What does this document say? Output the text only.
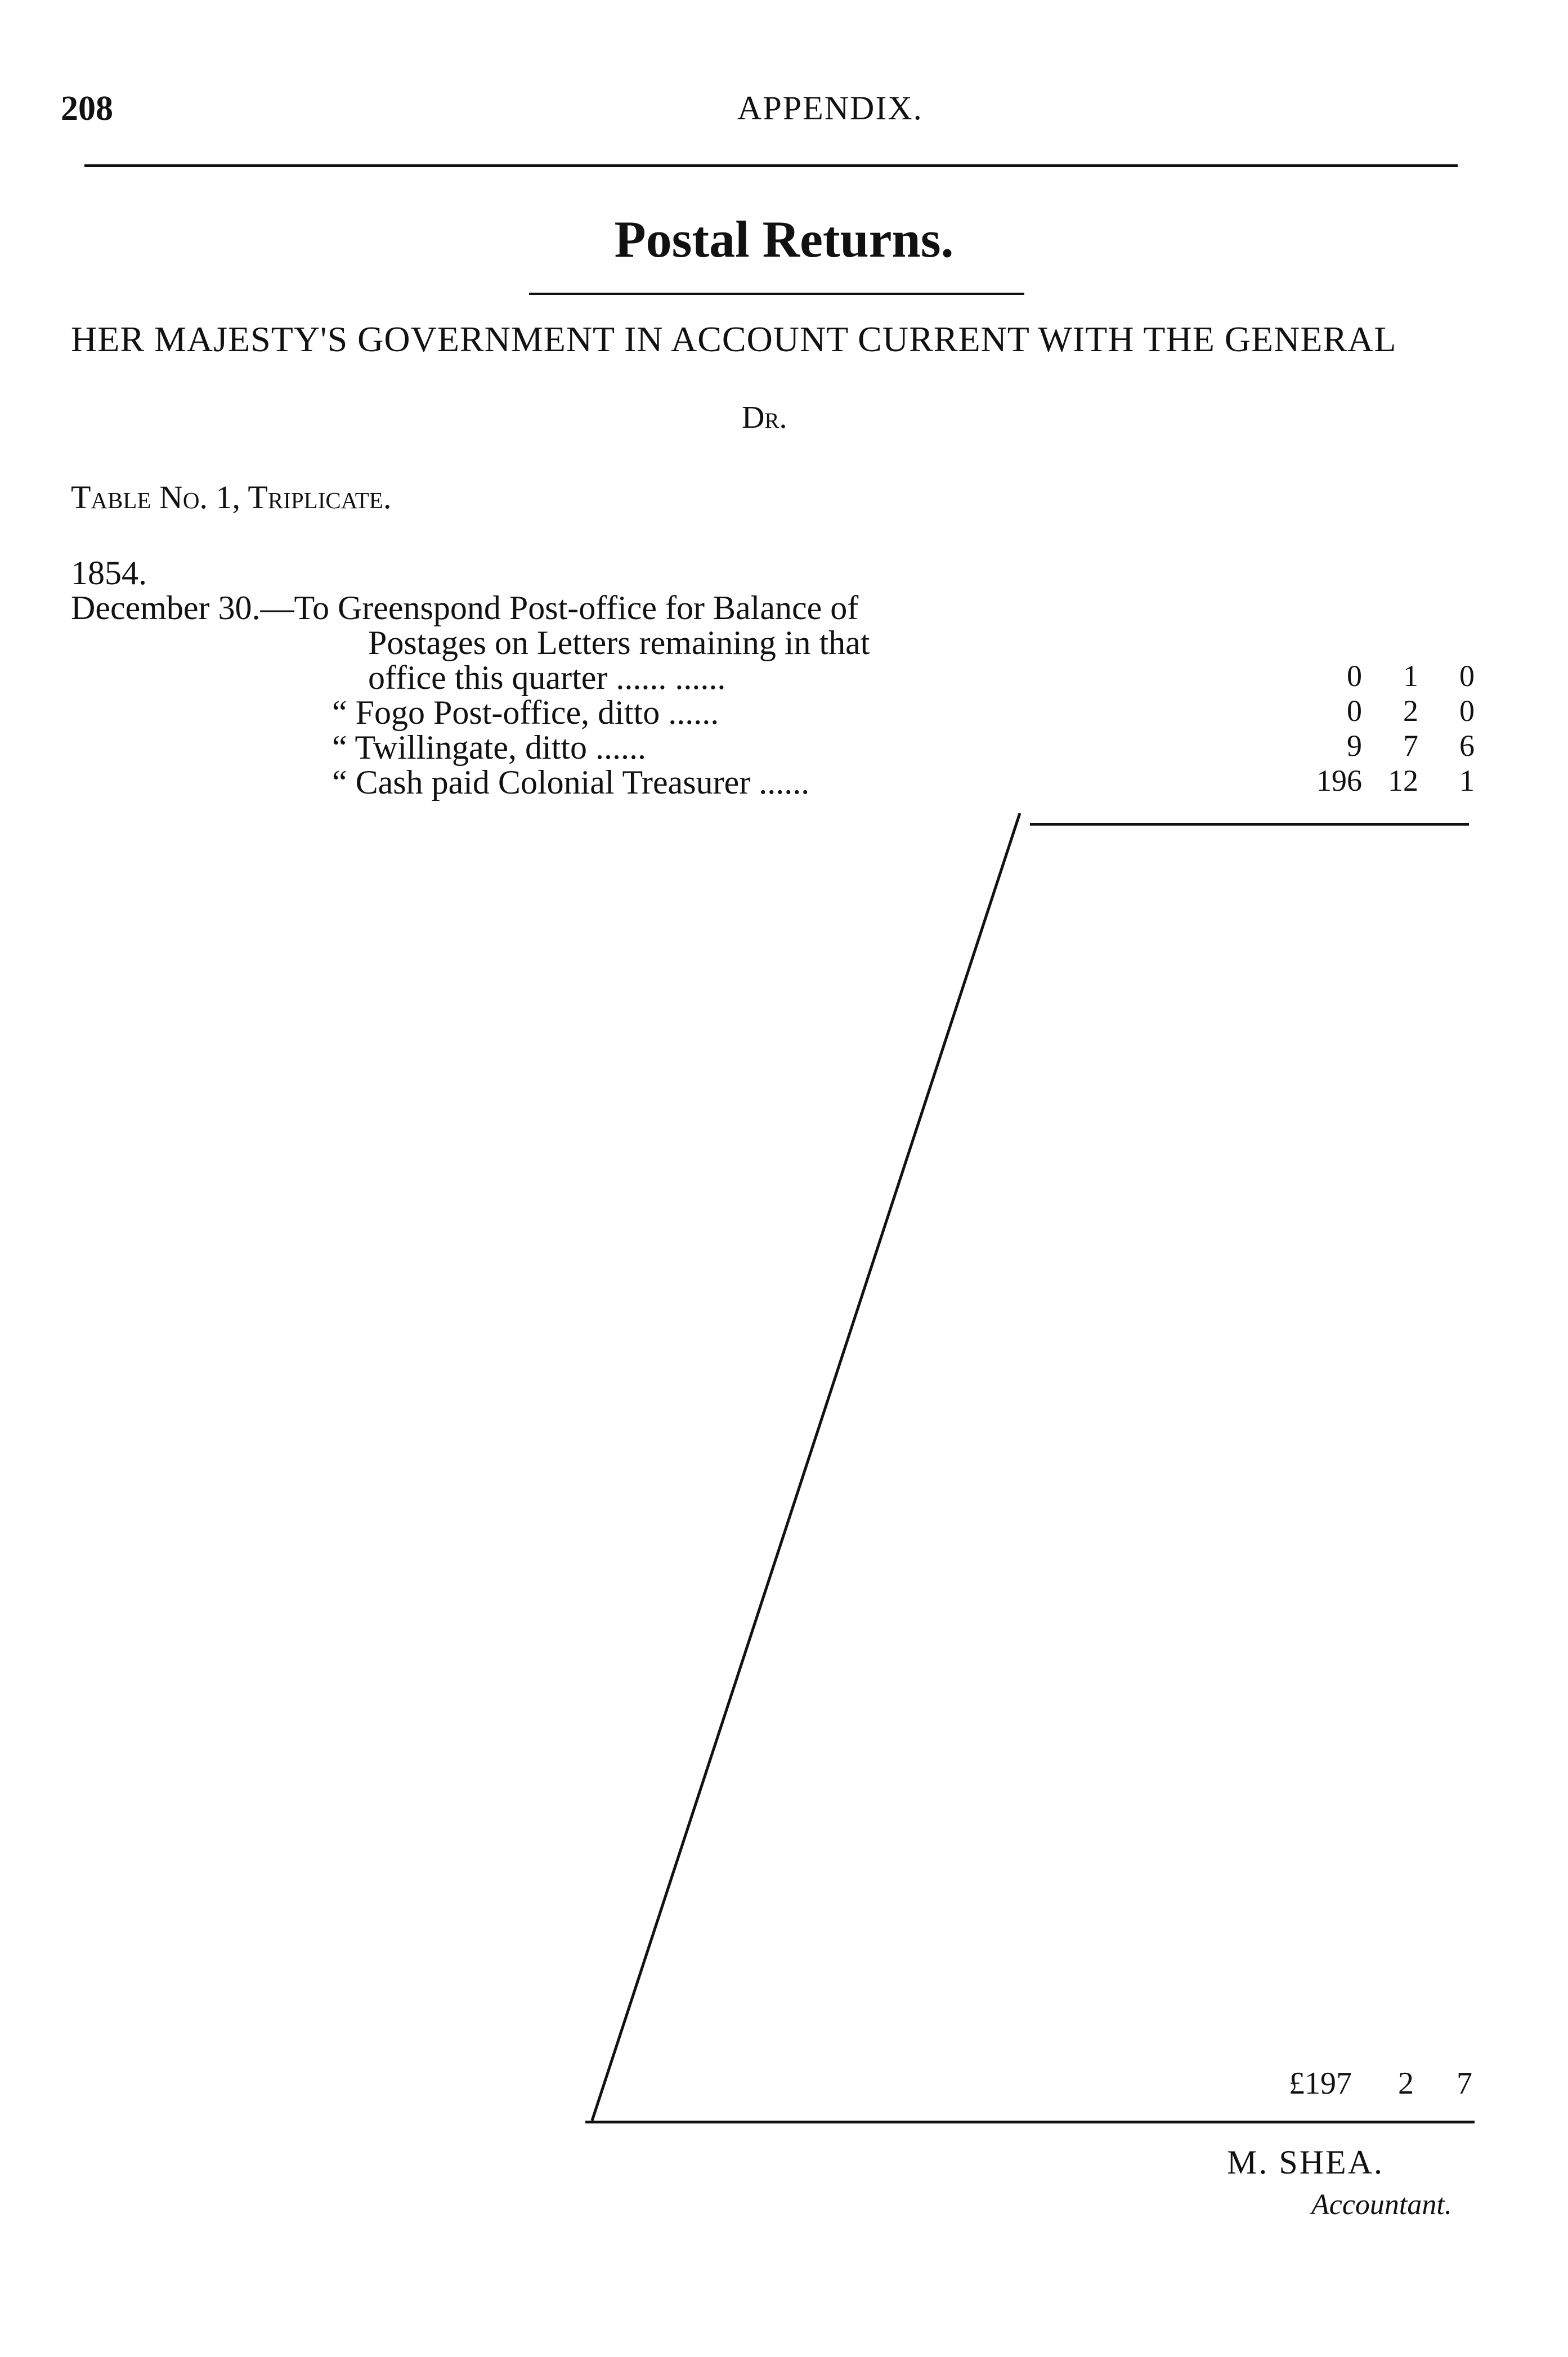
208	APPENDIX.
Postal Returns.
HER MAJESTY'S GOVERNMENT IN ACCOUNT CURRENT WITH THE GENERAL
Dr.
Table No. 1, Triplicate.
1854.
December 30.—To Greenspond Post-office for Balance of
Postages on Letters remaining in that
office this quarter ...... ......	0	1	0
“ Fogo Post-office, ditto ......	0	2	0
“ Twillingate, ditto ......	9	7	6
“ Cash paid Colonial Treasurer ......	196 12	1
£197 2 7
M. SHEA.
Accountant.
